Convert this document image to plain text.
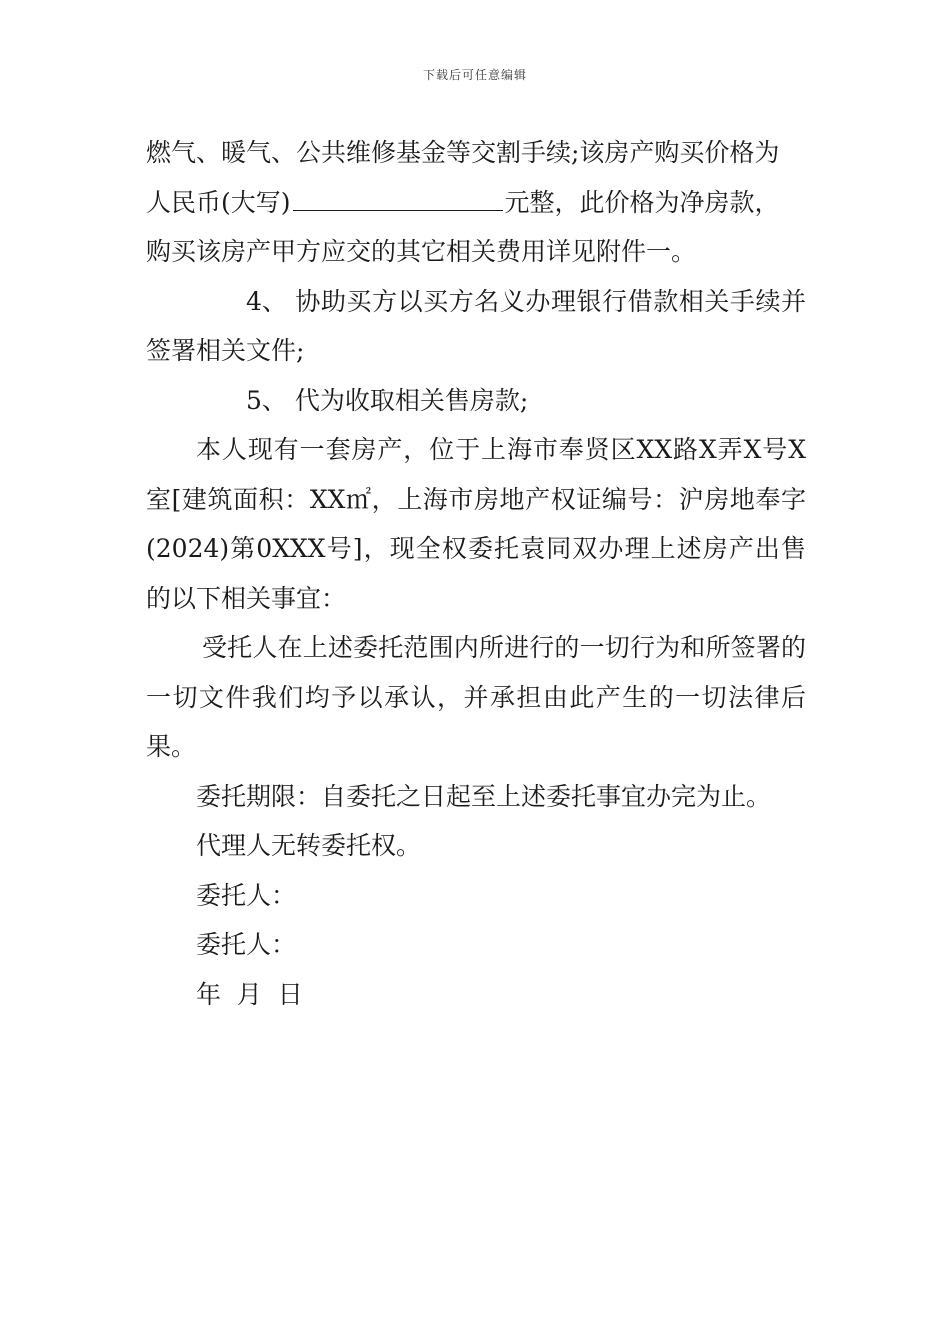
下载后可任意编辑

燃气、暖气、公共维修基金等交割手续;该房产购买价格为
人民币(大写)	元整，此价格为净房款，
购买该房产甲方应交的其它相关费用详见附件一。

4、 协助买方以买方名义办理银行借款相关手续并签署相关文件;

5、 代为收取相关售房款;

本人现有一套房产，位于上海市奉贤区XX路X弄X号X室[建筑面积：XX㎡，上海市房地产权证编号：沪房地奉字(2024)第0XXX号]，现全权委托袁同双办理上述房产出售的以下相关事宜：

受托人在上述委托范围内所进行的一切行为和所签署的一切文件我们均予以承认，并承担由此产生的一切法律后果。

委托期限：自委托之日起至上述委托事宜办完为止。

代理人无转委托权。

委托人：

委托人：

年  月  日
